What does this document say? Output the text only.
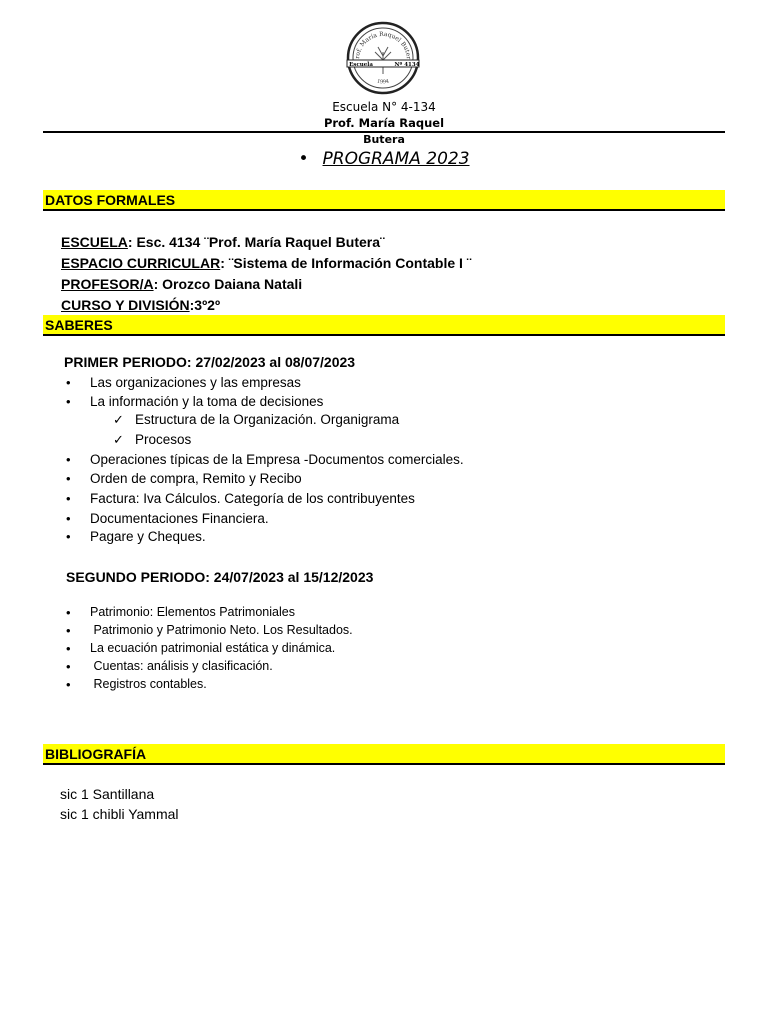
rof. María Raquel Buter
Escuela	Nº 4134
1994
Escuela N° 4-134
Prof. María Raquel
Butera
• PROGRAMA 2023
DATOS FORMALES
ESCUELA: Esc. 4134 ¨Prof. María Raquel Butera¨
ESPACIO CURRICULAR: ¨Sistema de Información Contable I ¨
PROFESOR/A: Orozco Daiana Natali
CURSO Y DIVISIÓN:3º2º
SABERES
PRIMER PERIODO: 27/02/2023 al 08/07/2023
• Las organizaciones y las empresas
• La información y la toma de decisiones
✓ Estructura de la Organización. Organigrama
✓ Procesos
• Operaciones típicas de la Empresa -Documentos comerciales.
• Orden de compra, Remito y Recibo
• Factura: Iva Cálculos. Categoría de los contribuyentes
• Documentaciones Financiera.
• Pagare y Cheques.
SEGUNDO PERIODO: 24/07/2023 al 15/12/2023
• Patrimonio: Elementos Patrimoniales
• Patrimonio y Patrimonio Neto. Los Resultados.
• La ecuación patrimonial estática y dinámica.
• Cuentas: análisis y clasificación.
• Registros contables.
BIBLIOGRAFÍA
sic 1 Santillana
sic 1 chibli Yammal
